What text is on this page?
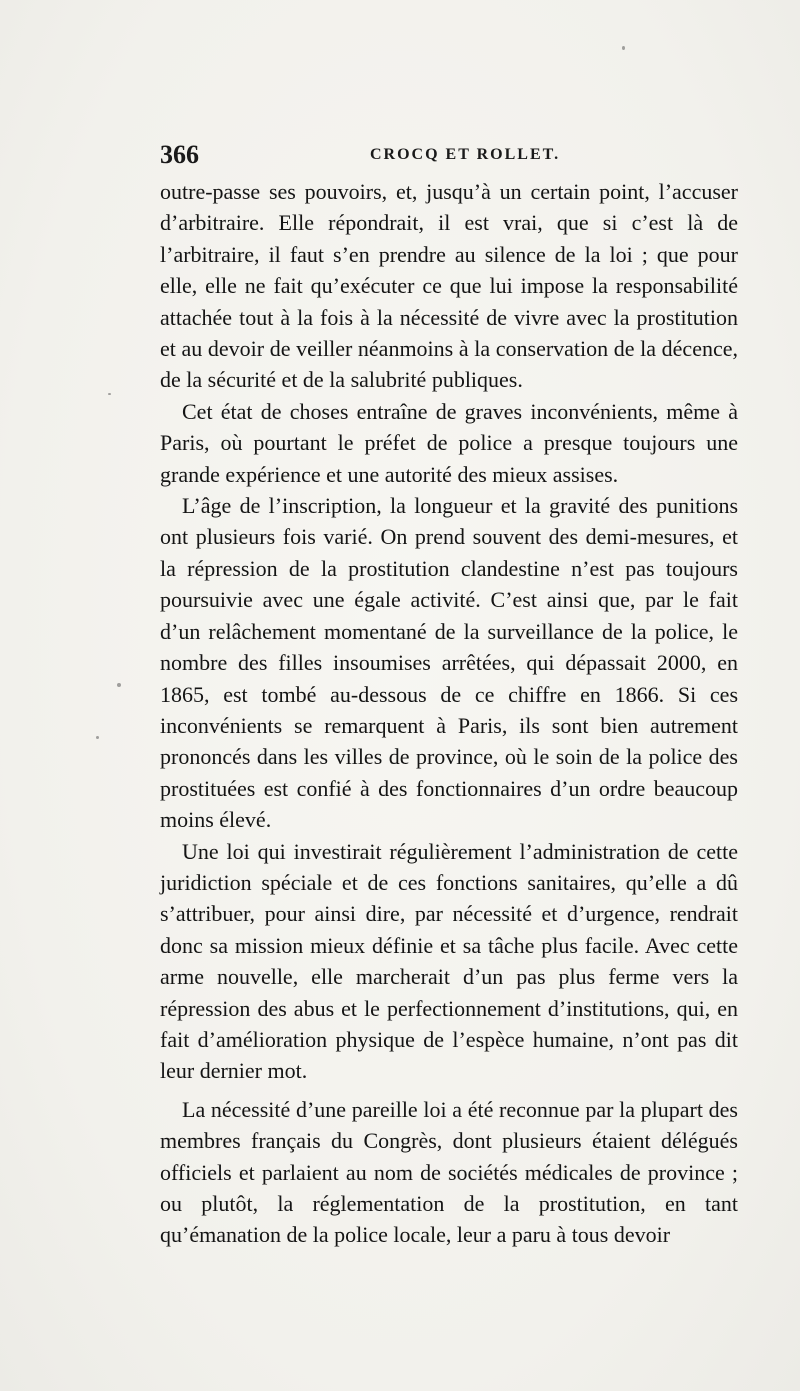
366	CROCQ ET ROLLET.

outre-passe ses pouvoirs, et, jusqu’à un certain point, l’accuser d’arbitraire. Elle répondrait, il est vrai, que si c’est là de l’arbitraire, il faut s’en prendre au silence de la loi ; que pour elle, elle ne fait qu’exécuter ce que lui impose la responsabilité attachée tout à la fois à la nécessité de vivre avec la prostitution et au devoir de veiller néanmoins à la conservation de la décence, de la sécurité et de la salubrité publiques.

Cet état de choses entraîne de graves inconvénients, même à Paris, où pourtant le préfet de police a presque toujours une grande expérience et une autorité des mieux assises.

L’âge de l’inscription, la longueur et la gravité des punitions ont plusieurs fois varié. On prend souvent des demi-mesures, et la répression de la prostitution clandestine n’est pas toujours poursuivie avec une égale activité. C’est ainsi que, par le fait d’un relâchement momentané de la surveillance de la police, le nombre des filles insoumises arrêtées, qui dépassait 2000, en 1865, est tombé au-dessous de ce chiffre en 1866. Si ces inconvénients se remarquent à Paris, ils sont bien autrement prononcés dans les villes de province, où le soin de la police des prostituées est confié à des fonctionnaires d’un ordre beaucoup moins élevé.

Une loi qui investirait régulièrement l’administration de cette juridiction spéciale et de ces fonctions sanitaires, qu’elle a dû s’attribuer, pour ainsi dire, par nécessité et d’urgence, rendrait donc sa mission mieux définie et sa tâche plus facile. Avec cette arme nouvelle, elle marcherait d’un pas plus ferme vers la répression des abus et le perfectionnement d’institutions, qui, en fait d’amélioration physique de l’espèce humaine, n’ont pas dit leur dernier mot.

La nécessité d’une pareille loi a été reconnue par la plupart des membres français du Congrès, dont plusieurs étaient délégués officiels et parlaient au nom de sociétés médicales de province ; ou plutôt, la réglementation de la prostitution, en tant qu’émanation de la police locale, leur a paru à tous devoir
